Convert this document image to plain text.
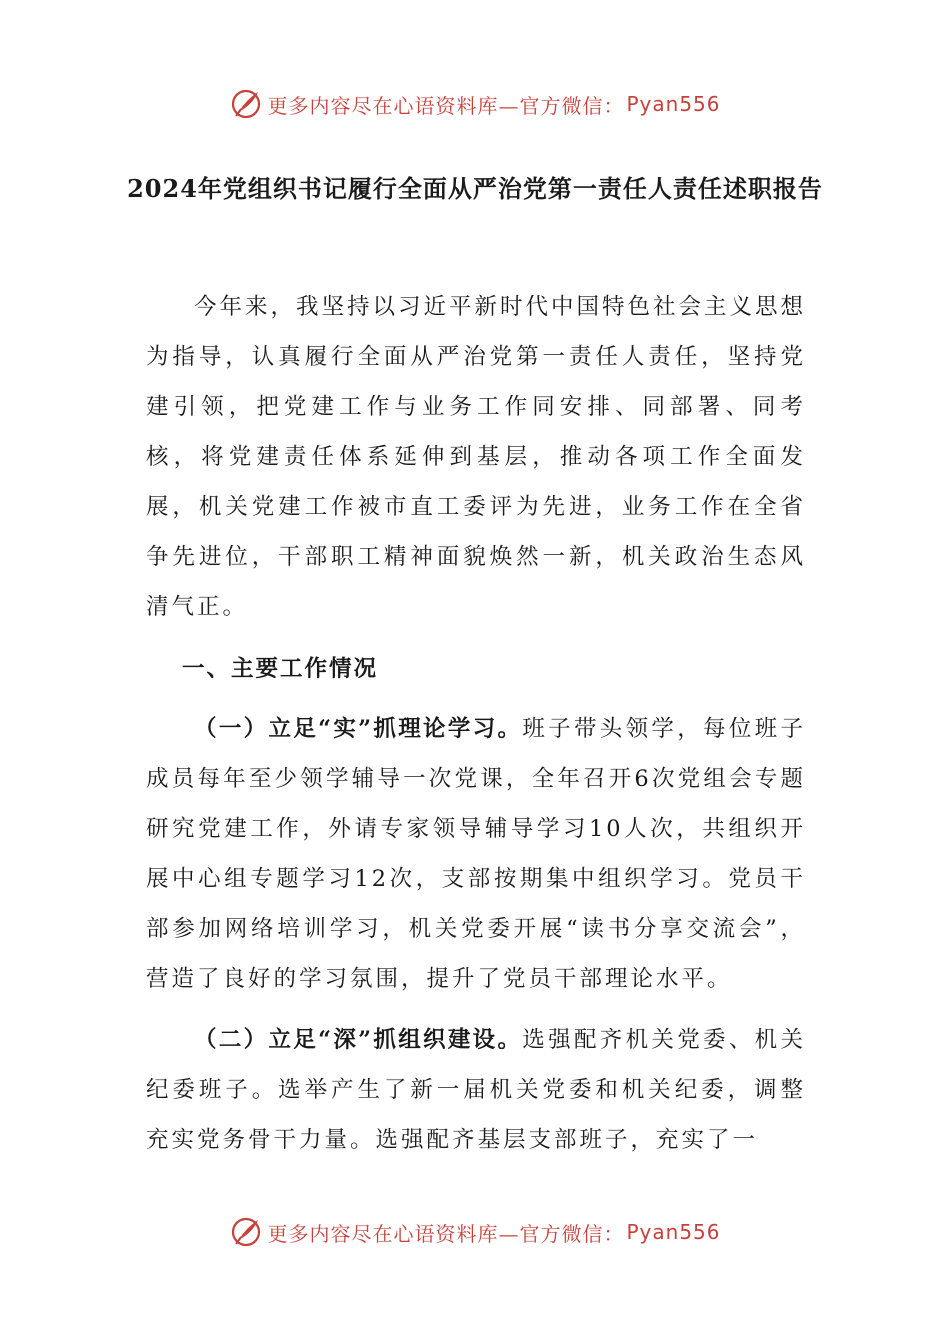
更多内容尽在心语资料库—官方微信： Pyan556
2024年党组织书记履行全面从严治党第一责任人责任述职报告
今年来，我坚持以习近平新时代中国特色社会主义思想为指导，认真履行全面从严治党第一责任人责任，坚持党建引领，把党建工作与业务工作同安排、同部署、同考核，将党建责任体系延伸到基层，推动各项工作全面发展，机关党建工作被市直工委评为先进，业务工作在全省争先进位，干部职工精神面貌焕然一新，机关政治生态风清气正。
一、主要工作情况
（一）立足“实”抓理论学习。班子带头领学，每位班子成员每年至少领学辅导一次党课，全年召开6次党组会专题研究党建工作，外请专家领导辅导学习10人次，共组织开展中心组专题学习12次，支部按期集中组织学习。党员干部参加网络培训学习，机关党委开展“读书分享交流会”，营造了良好的学习氛围，提升了党员干部理论水平。
（二）立足“深”抓组织建设。选强配齐机关党委、机关纪委班子。选举产生了新一届机关党委和机关纪委，调整充实党务骨干力量。选强配齐基层支部班子，充实了一
更多内容尽在心语资料库—官方微信： Pyan556
